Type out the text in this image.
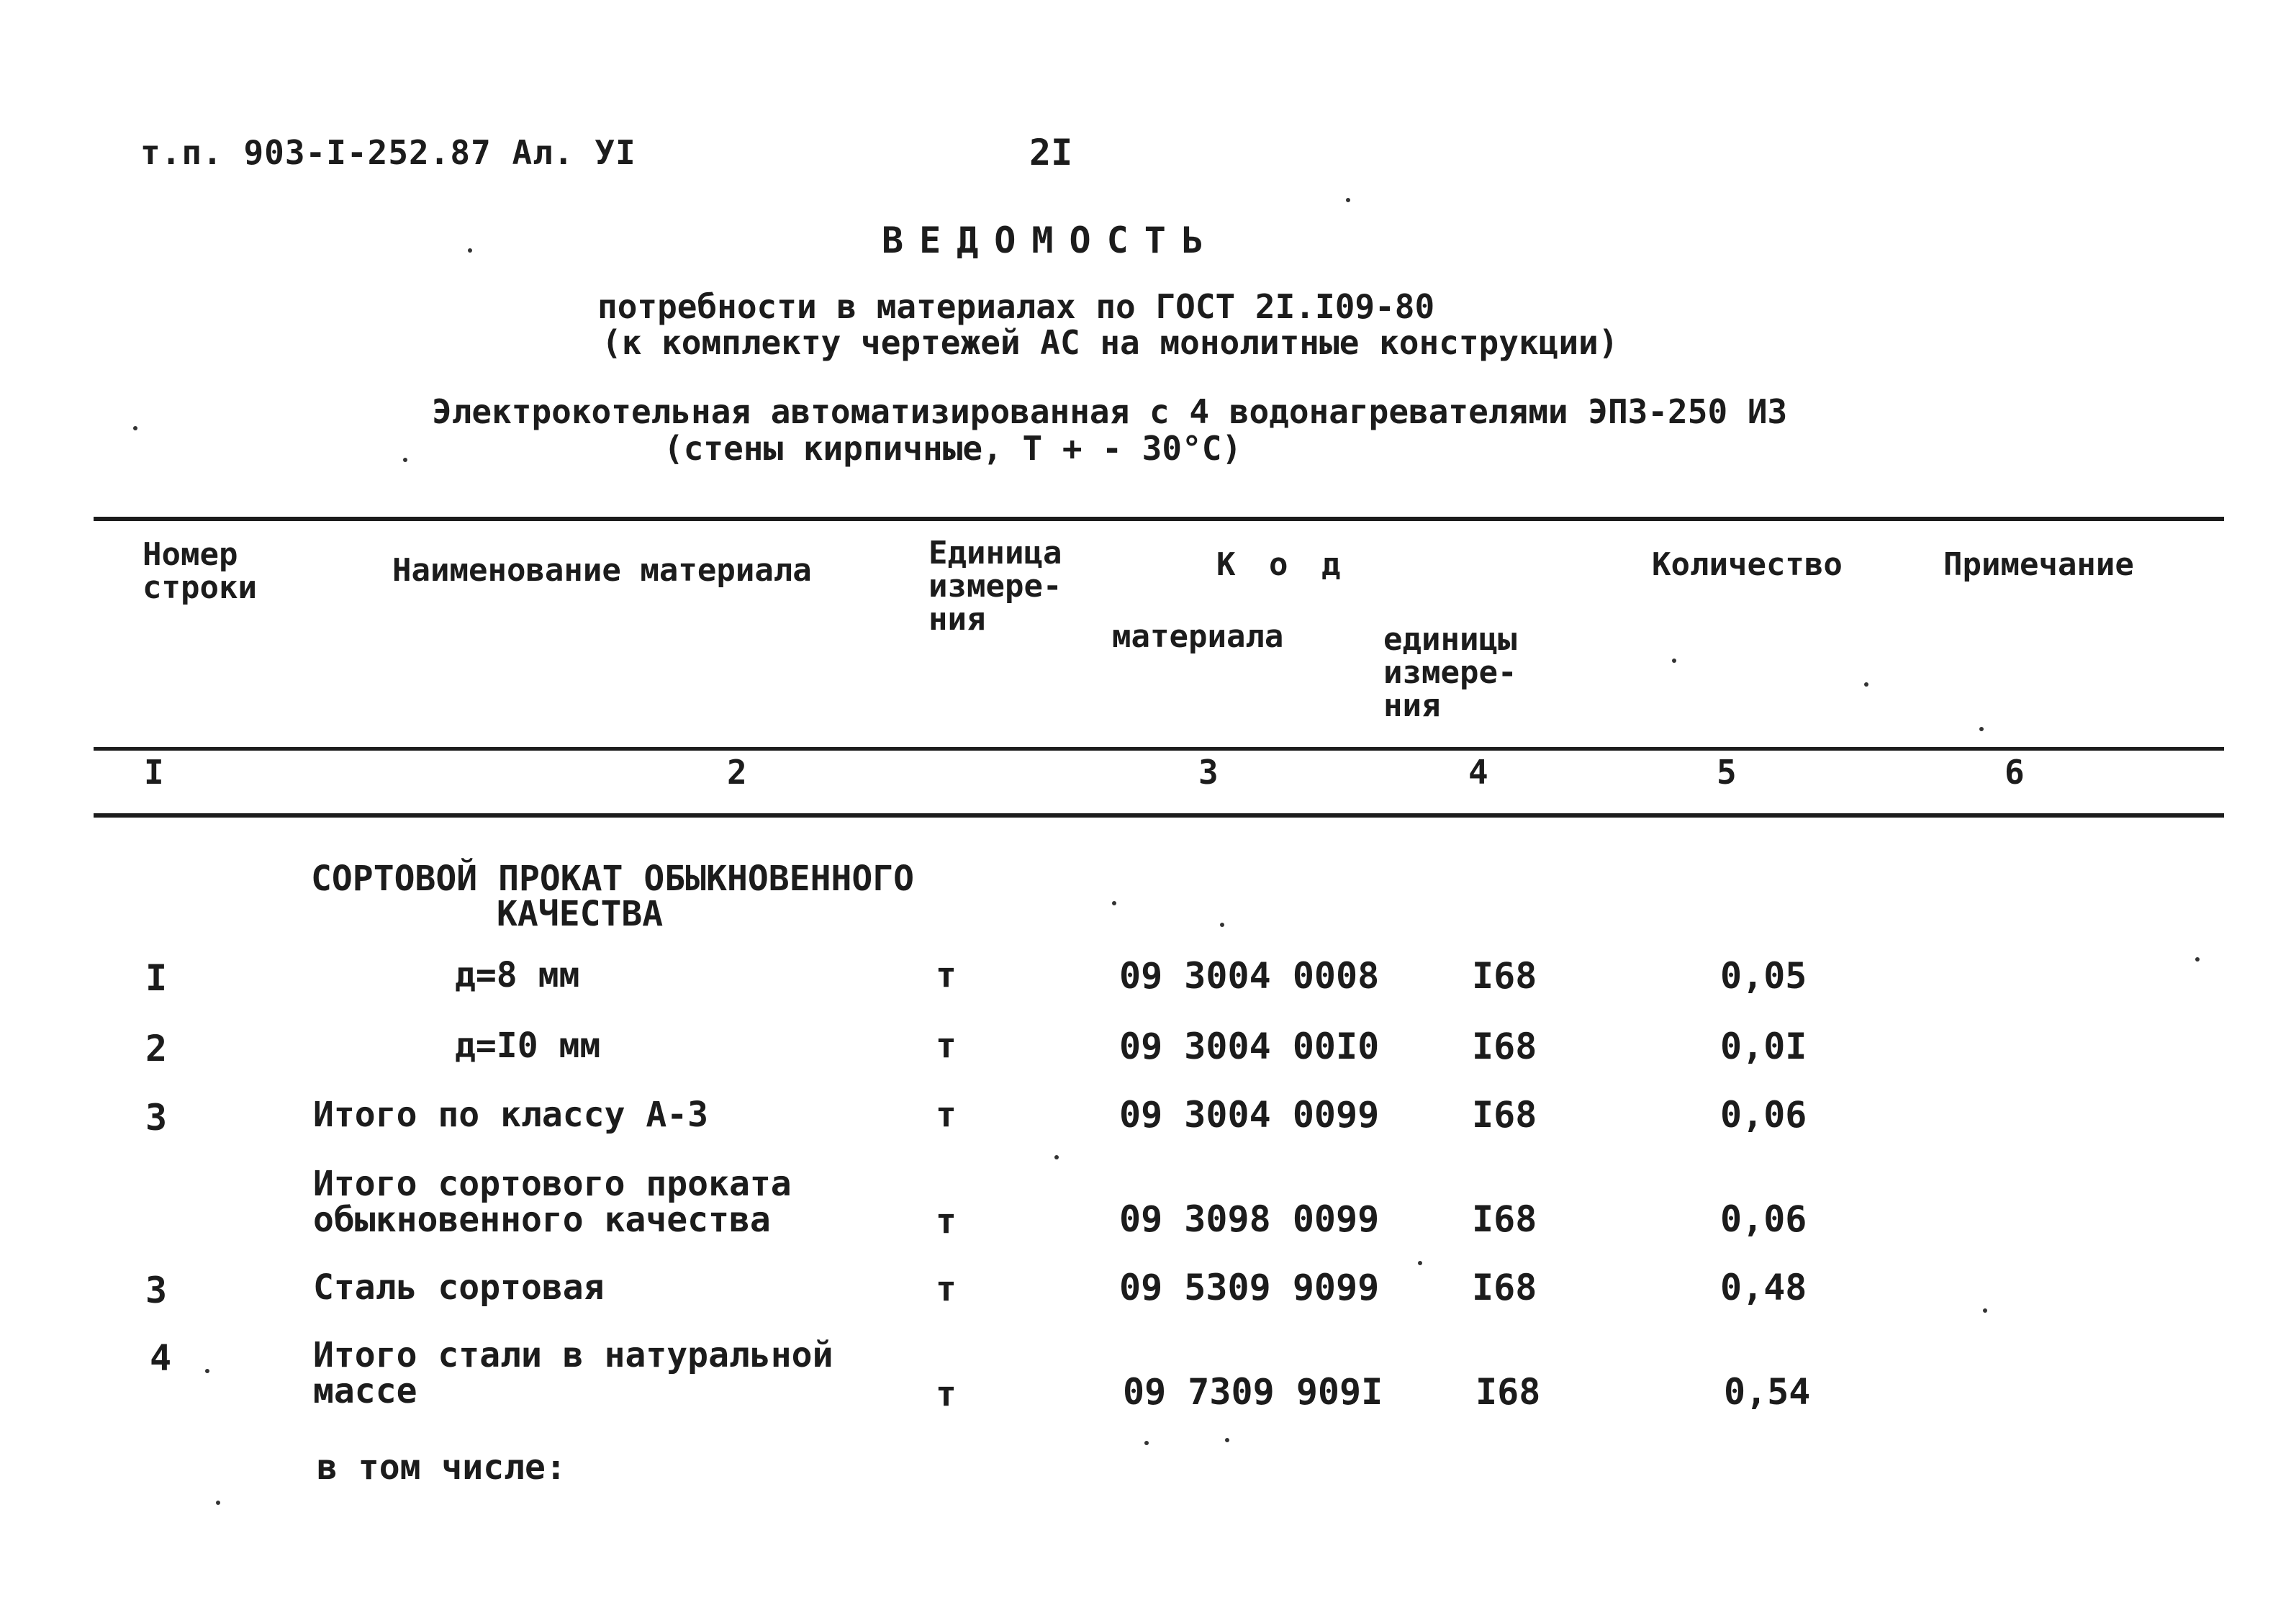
т.п. 903-I-252.87 Ал. УI	2I
ВЕДОМОСТЬ
потребности в материалах по ГОСТ 2I.I09-80
(к комплекту чертежей АС на монолитные конструкции)
Электрокотельная автоматизированная с 4 водонагревателями ЭПЗ-250 ИЗ
(стены кирпичные, Т + - 30°С)
Номер
строки	Наименование материала	Единица
измере-
ния
К о д
материала	единицы
измере-
ния
Количество	Примечание
I	2	3	4	5	6
СОРТОВОЙ ПРОКАТ ОБЫКНОВЕННОГО
КАЧЕСТВА
I	д=8 мм	т	09 3004 0008	I68	0,05
2	д=I0 мм	т	09 3004 00I0	I68	0,0I
3	Итого по классу А-3	т	09 3004 0099	I68	0,06
Итого сортового проката
обыкновенного качества	т	09 3098 0099	I68	0,06
3	Сталь сортовая	т	09 5309 9099	I68	0,48
4	Итого стали в натуральной
массе	т	09 7309 909I	I68	0,54
в том числе:
